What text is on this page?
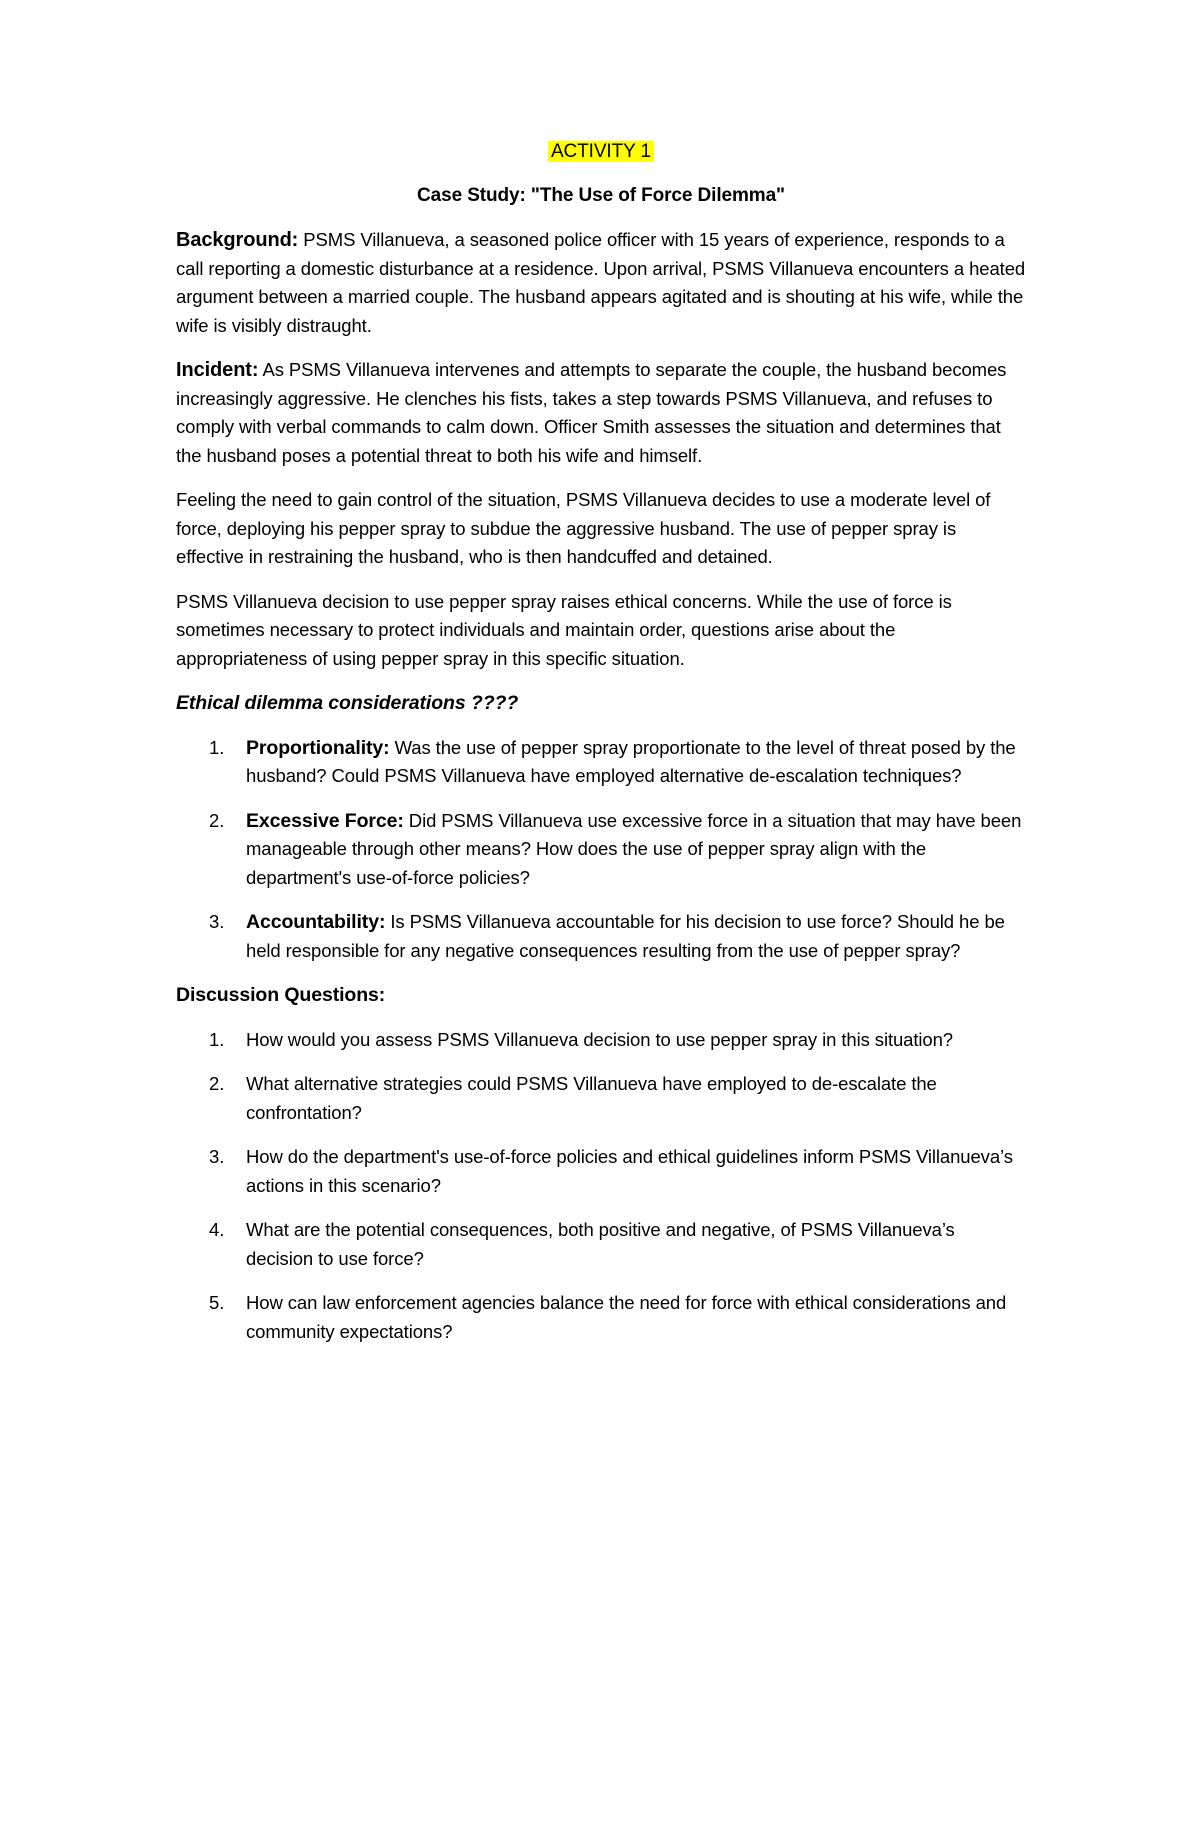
ACTIVITY 1
Case Study: "The Use of Force Dilemma"

Background: PSMS Villanueva, a seasoned police officer with 15 years of experience, responds to a call reporting a domestic disturbance at a residence. Upon arrival, PSMS Villanueva encounters a heated argument between a married couple. The husband appears agitated and is shouting at his wife, while the wife is visibly distraught.

Incident: As PSMS Villanueva intervenes and attempts to separate the couple, the husband becomes increasingly aggressive. He clenches his fists, takes a step towards PSMS Villanueva, and refuses to comply with verbal commands to calm down. Officer Smith assesses the situation and determines that the husband poses a potential threat to both his wife and himself.

Feeling the need to gain control of the situation, PSMS Villanueva decides to use a moderate level of force, deploying his pepper spray to subdue the aggressive husband. The use of pepper spray is effective in restraining the husband, who is then handcuffed and detained.

PSMS Villanueva decision to use pepper spray raises ethical concerns. While the use of force is sometimes necessary to protect individuals and maintain order, questions arise about the appropriateness of using pepper spray in this specific situation.

Ethical dilemma considerations ????
1. Proportionality: Was the use of pepper spray proportionate to the level of threat posed by the husband? Could PSMS Villanueva have employed alternative de-escalation techniques?
2. Excessive Force: Did PSMS Villanueva use excessive force in a situation that may have been manageable through other means? How does the use of pepper spray align with the department's use-of-force policies?
3. Accountability: Is PSMS Villanueva accountable for his decision to use force? Should he be held responsible for any negative consequences resulting from the use of pepper spray?
Discussion Questions:
1. How would you assess PSMS Villanueva decision to use pepper spray in this situation?
2. What alternative strategies could PSMS Villanueva have employed to de-escalate the confrontation?
3. How do the department's use-of-force policies and ethical guidelines inform PSMS Villanueva’s actions in this scenario?
4. What are the potential consequences, both positive and negative, of PSMS Villanueva’s decision to use force?
5. How can law enforcement agencies balance the need for force with ethical considerations and community expectations?
